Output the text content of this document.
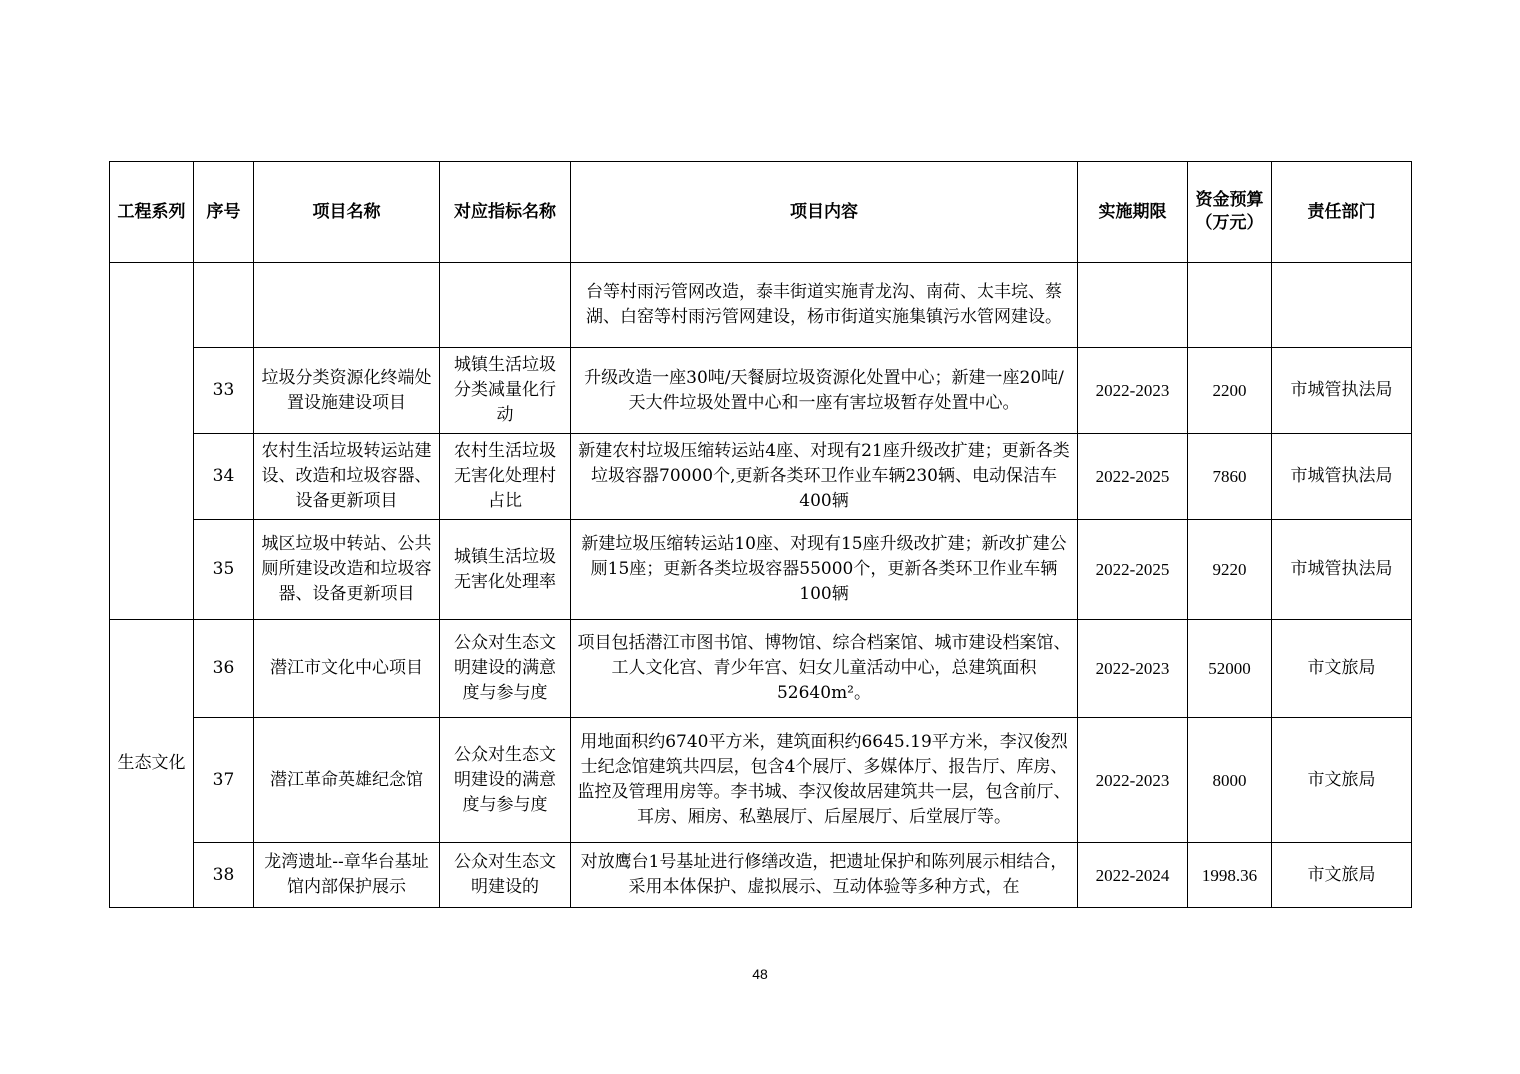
工程系列	序号	项目名称	对应指标名称	项目内容	实施期限	资金预算（万元）	责任部门
				台等村雨污管网改造，泰丰街道实施青龙沟、南荷、太丰垸、蔡湖、白窑等村雨污管网建设，杨市街道实施集镇污水管网建设。			
	33	垃圾分类资源化终端处置设施建设项目	城镇生活垃圾分类减量化行动	升级改造一座30吨/天餐厨垃圾资源化处置中心；新建一座20吨/天大件垃圾处置中心和一座有害垃圾暂存处置中心。	2022-2023	2200	市城管执法局
	34	农村生活垃圾转运站建设、改造和垃圾容器、设备更新项目	农村生活垃圾无害化处理村占比	新建农村垃圾压缩转运站4座、对现有21座升级改扩建；更新各类垃圾容器70000个,更新各类环卫作业车辆230辆、电动保洁车400辆	2022-2025	7860	市城管执法局
	35	城区垃圾中转站、公共厕所建设改造和垃圾容器、设备更新项目	城镇生活垃圾无害化处理率	新建垃圾压缩转运站10座、对现有15座升级改扩建；新改扩建公厕15座；更新各类垃圾容器55000个，更新各类环卫作业车辆100辆	2022-2025	9220	市城管执法局
生态文化	36	潜江市文化中心项目	公众对生态文明建设的满意度与参与度	项目包括潜江市图书馆、博物馆、综合档案馆、城市建设档案馆、工人文化宫、青少年宫、妇女儿童活动中心，总建筑面积52640m²。	2022-2023	52000	市文旅局
	37	潜江革命英雄纪念馆	公众对生态文明建设的满意度与参与度	用地面积约6740平方米，建筑面积约6645.19平方米，李汉俊烈士纪念馆建筑共四层，包含4个展厅、多媒体厅、报告厅、库房、监控及管理用房等。李书城、李汉俊故居建筑共一层，包含前厅、耳房、厢房、私塾展厅、后屋展厅、后堂展厅等。	2022-2023	8000	市文旅局
	38	龙湾遗址--章华台基址馆内部保护展示	公众对生态文明建设的	对放鹰台1号基址进行修缮改造，把遗址保护和陈列展示相结合，采用本体保护、虚拟展示、互动体验等多种方式，在	2022-2024	1998.36	市文旅局
48
